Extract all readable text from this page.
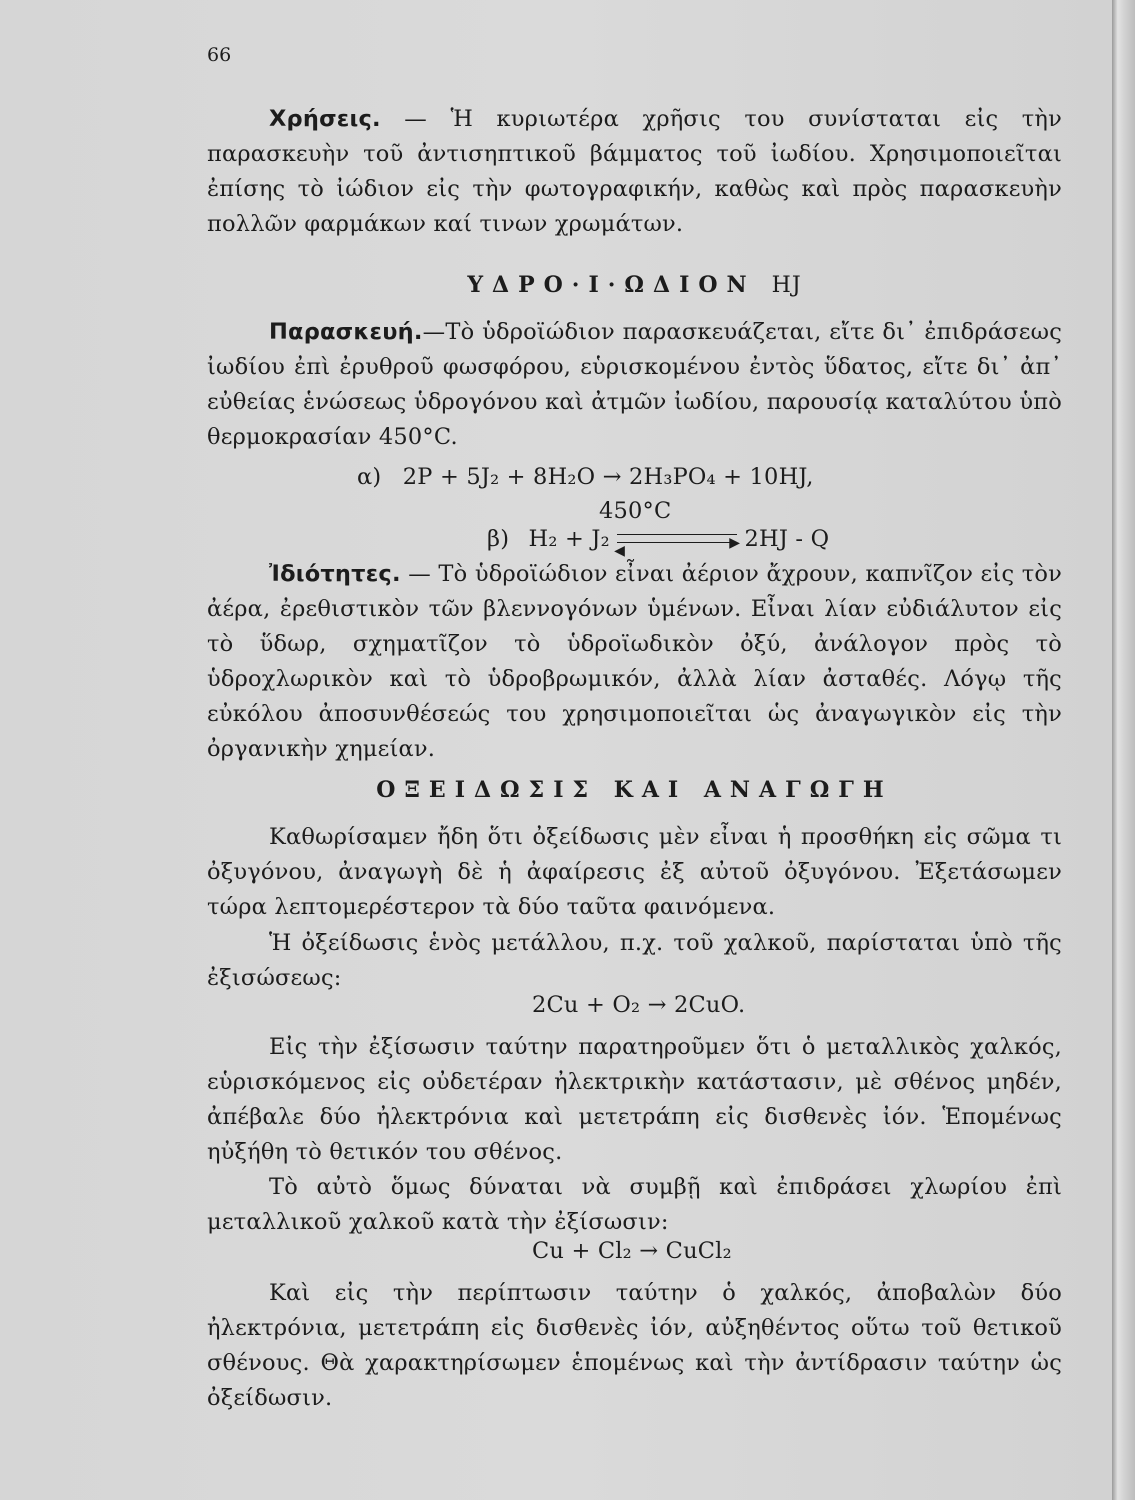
66

Χρήσεις. — Ἡ κυριωτέρα χρῆσις του συνίσταται εἰς τὴν παρασκευὴν τοῦ ἀντισηπτικοῦ βάμματος τοῦ ἰωδίου. Χρησιμοποιεῖται ἐπίσης τὸ ἰώδιον εἰς τὴν φωτογραφικήν, καθὼς καὶ πρὸς παρασκευὴν πολλῶν φαρμάκων καί τινων χρωμάτων.

ΥΔΡΟ·Ι·ΩΔΙΟΝ HJ

Παρασκευή.—Τὸ ὑδροϊώδιον παρασκευάζεται, εἴτε δι᾽ ἐπιδράσεως ἰωδίου ἐπὶ ἐρυθροῦ φωσφόρου, εὑρισκομένου ἐντὸς ὕδατος, εἴτε δι᾽ ἀπ᾽ εὐθείας ἑνώσεως ὑδρογόνου καὶ ἀτμῶν ἰωδίου, παρουσίᾳ καταλύτου ὑπὸ θερμοκρασίαν 450°C.

α) 2P + 5J₂ + 8H₂O → 2H₃PO₄ + 10HJ,
β) H₂ + J₂	▶
◀	2HJ - Q
450°C

Ἰδιότητες. — Τὸ ὑδροϊώδιον εἶναι ἀέριον ἄχρουν, καπνῖζον εἰς τὸν ἀέρα, ἐρεθιστικὸν τῶν βλεννογόνων ὑμένων. Εἶναι λίαν εὐδιάλυτον εἰς τὸ ὕδωρ, σχηματῖζον τὸ ὑδροϊωδικὸν ὀξύ, ἀνάλογον πρὸς τὸ ὑδροχλωρικὸν καὶ τὸ ὑδροβρωμικόν, ἀλλὰ λίαν ἀσταθές. Λόγῳ τῆς εὐκόλου ἀποσυνθέσεώς του χρησιμοποιεῖται ὡς ἀναγωγικὸν εἰς τὴν ὀργανικὴν χημείαν.

ΟΞΕΙΔΩΣΙΣ ΚΑΙ ΑΝΑΓΩΓΗ

Καθωρίσαμεν ἤδη ὅτι ὀξείδωσις μὲν εἶναι ἡ προσθήκη εἰς σῶμα τι ὀξυγόνου, ἀναγωγὴ δὲ ἡ ἀφαίρεσις ἐξ αὐτοῦ ὀξυγόνου. Ἐξετάσωμεν τώρα λεπτομερέστερον τὰ δύο ταῦτα φαινόμενα.

Ἡ ὀξείδωσις ἑνὸς μετάλλου, π.χ. τοῦ χαλκοῦ, παρίσταται ὑπὸ τῆς ἐξισώσεως:

2Cu + O₂ → 2CuO.

Εἰς τὴν ἐξίσωσιν ταύτην παρατηροῦμεν ὅτι ὁ μεταλλικὸς χαλκός, εὑρισκόμενος εἰς οὐδετέραν ἠλεκτρικὴν κατάστασιν, μὲ σθένος μηδέν, ἀπέβαλε δύο ἠλεκτρόνια καὶ μετετράπη εἰς δισθενὲς ἰόν. Ἑπομένως ηὐξήθη τὸ θετικόν του σθένος.

Τὸ αὐτὸ ὅμως δύναται νὰ συμβῇ καὶ ἐπιδράσει χλωρίου ἐπὶ μεταλλικοῦ χαλκοῦ κατὰ τὴν ἐξίσωσιν:

Cu + Cl₂ → CuCl₂

Καὶ εἰς τὴν περίπτωσιν ταύτην ὁ χαλκός, ἀποβαλὼν δύο ἠλεκτρόνια, μετετράπη εἰς δισθενὲς ἰόν, αὐξηθέντος οὕτω τοῦ θετικοῦ σθένους. Θὰ χαρακτηρίσωμεν ἑπομένως καὶ τὴν ἀντίδρασιν ταύτην ὡς ὀξείδωσιν.
